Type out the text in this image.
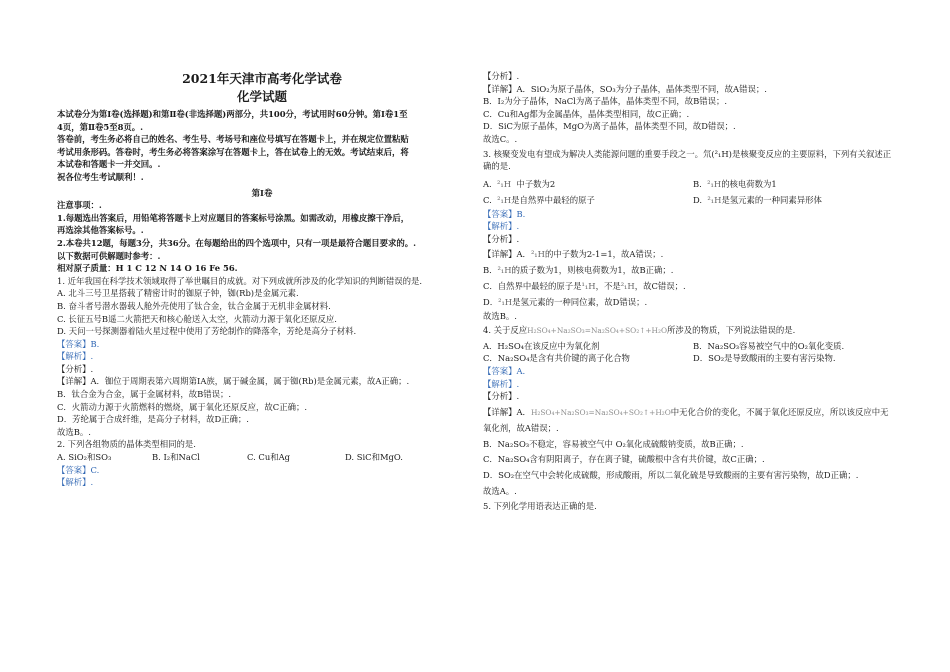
2021年天津市高考化学试卷
化学试题
本试卷分为第Ⅰ卷(选择题)和第Ⅱ卷(非选择题)两部分，共100分，考试用时60分钟。第Ⅰ卷1至
4页，第Ⅱ卷5至8页。.
答卷前，考生务必将自己的姓名、考生号、考场号和座位号填写在答题卡上，并在规定位置粘贴
考试用条形码。答卷时，考生务必将答案涂写在答题卡上，答在试卷上的无效。考试结束后，将
本试卷和答题卡一并交回。.
祝各位考生考试顺利！.
第Ⅰ卷
注意事项：.
1.每题选出答案后，用铅笔将答题卡上对应题目的答案标号涂黑。如需改动，用橡皮擦干净后，
再选涂其他答案标号。.
2.本卷共12题，每题3分，共36分。在每题给出的四个选项中，只有一项是最符合题目要求的。.
以下数据可供解题时参考：.
相对原子质量：H 1 C 12 N 14 O 16 Fe 56.
1. 近年我国在科学技术领域取得了举世瞩目的成就。对下列成就所涉及的化学知识的判断错误的是.
A. 北斗三号卫星搭载了精密计时的铷原子钟，铷(Rb)是金属元素.
B. 奋斗者号潜水器载人舱外壳使用了钛合金，钛合金属于无机非金属材料.
C. 长征五号B遥二火箭把天和核心舱送入太空，火箭动力源于氧化还原反应.
D. 天问一号探测器着陆火星过程中使用了芳纶制作的降落伞，芳纶是高分子材料.
【答案】B.
【解析】.
【分析】.
【详解】A．铷位于周期表第六周期第ⅠA族，属于碱金属，属于铷(Rb)是金属元素，故A正确；.
B．钛合金为合金，属于金属材料，故B错误；.
C．火箭动力源于火箭燃料的燃烧，属于氧化还原反应，故C正确；.
D．芳纶属于合成纤维，是高分子材料，故D正确；.
故选B。.
2. 下列各组物质的晶体类型相同的是.
A. SiO₂和SO₃	B. I₂和NaCl	C. Cu和Ag	D. SiC和MgO.
【答案】C.
【解析】.
【分析】.
【详解】A．SiO₂为原子晶体，SO₃为分子晶体，晶体类型不同，故A错误；.
B．I₂为分子晶体，NaCl为离子晶体，晶体类型不同，故B错误；.
C．Cu和Ag都为金属晶体，晶体类型相同，故C正确；.
D．SiC为原子晶体，MgO为离子晶体，晶体类型不同，故D错误；.
故选C。.
3. 核聚变发电有望成为解决人类能源问题的重要手段之一。氘(²₁H)是核聚变反应的主要原料，下列有关叙述正
确的是.
A.  ²₁H 中子数为2	B.  ²₁H的核电荷数为1
C.  ²₁H是自然界中最轻的原子	D.  ²₁H是氢元素的一种同素异形体
【答案】B.
【解析】.
【分析】.
【详解】A．²₁H的中子数为2-1=1，故A错误；.
B．²₁H的质子数为1，则核电荷数为1，故B正确；.
C．自然界中最轻的原子是¹₁H，不是²₁H，故C错误；.
D．²₁H是氢元素的一种同位素，故D错误；.
故选B。.
4. 关于反应H₂SO₄+Na₂SO₃=Na₂SO₄+SO₂↑+H₂O所涉及的物质，下列说法错误的是.
A．H₂SO₄在该反应中为氧化剂	B．Na₂SO₃容易被空气中的O₂氧化变质.
C．Na₂SO₄是含有共价键的离子化合物	D．SO₂是导致酸雨的主要有害污染物.
【答案】A.
【解析】.
【分析】.
【详解】A．H₂SO₄+Na₂SO₃=Na₂SO₄+SO₂↑+H₂O中无化合价的变化，不属于氧化还原反应，所以该反应中无
氧化剂，故A错误；.
B．Na₂SO₃不稳定，容易被空气中 O₂氧化成硫酸钠变质，故B正确；.
C．Na₂SO₄含有阴阳离子，存在离子键，硫酸根中含有共价键，故C正确；.
D．SO₂在空气中会转化成硫酸，形成酸雨，所以二氧化硫是导致酸雨的主要有害污染物，故D正确；.
故选A。.
5. 下列化学用语表达正确的是.
